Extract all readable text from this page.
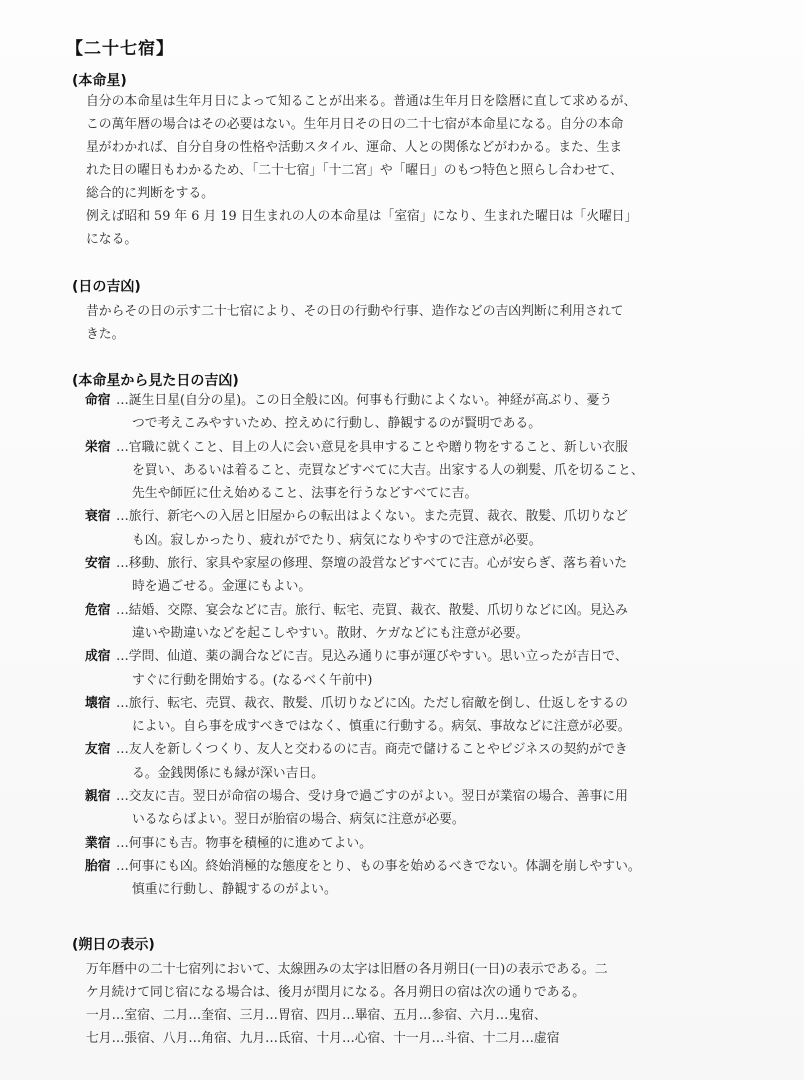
【二十七宿】
(本命星)

自分の本命星は生年月日によって知ることが出来る。普通は生年月日を陰暦に直して求めるが、

この萬年暦の場合はその必要はない。生年月日その日の二十七宿が本命星になる。自分の本命

星がわかれば、自分自身の性格や活動スタイル、運命、人との関係などがわかる。また、生ま

れた日の曜日もわかるため、「二十七宿」「十二宮」や「曜日」のもつ特色と照らし合わせて、

総合的に判断をする。

例えば昭和 59 年 6 月 19 日生まれの人の本命星は「室宿」になり、生まれた曜日は「火曜日」

になる。

(日の吉凶)

昔からその日の示す二十七宿により、その日の行動や行事、造作などの吉凶判断に利用されて

きた。

(本命星から見た日の吉凶)
命宿 …誕生日星(自分の星)。この日全般に凶。何事も行動によくない。神経が高ぶり、憂う
つで考えこみやすいため、控えめに行動し、静観するのが賢明である。
栄宿 …官職に就くこと、目上の人に会い意見を具申することや贈り物をすること、新しい衣服
を買い、あるいは着ること、売買などすべてに大吉。出家する人の剃髪、爪を切ること、
先生や師匠に仕え始めること、法事を行うなどすべてに吉。
衰宿 …旅行、新宅への入居と旧屋からの転出はよくない。また売買、裁衣、散髪、爪切りなど
も凶。寂しかったり、疲れがでたり、病気になりやすので注意が必要。
安宿 …移動、旅行、家具や家屋の修理、祭壇の設営などすべてに吉。心が安らぎ、落ち着いた
時を過ごせる。金運にもよい。
危宿 …結婚、交際、宴会などに吉。旅行、転宅、売買、裁衣、散髪、爪切りなどに凶。見込み
違いや勘違いなどを起こしやすい。散財、ケガなどにも注意が必要。
成宿 …学問、仙道、薬の調合などに吉。見込み通りに事が運びやすい。思い立ったが吉日で、
すぐに行動を開始する。(なるべく午前中)
壊宿 …旅行、転宅、売買、裁衣、散髪、爪切りなどに凶。ただし宿敵を倒し、仕返しをするの
によい。自ら事を成すべきではなく、慎重に行動する。病気、事故などに注意が必要。
友宿 …友人を新しくつくり、友人と交わるのに吉。商売で儲けることやビジネスの契約ができ
る。金銭関係にも縁が深い吉日。
親宿 …交友に吉。翌日が命宿の場合、受け身で過ごすのがよい。翌日が業宿の場合、善事に用
いるならばよい。翌日が胎宿の場合、病気に注意が必要。
業宿 …何事にも吉。物事を積極的に進めてよい。
胎宿 …何事にも凶。終始消極的な態度をとり、もの事を始めるべきでない。体調を崩しやすい。
慎重に行動し、静観するのがよい。
(朔日の表示)

万年暦中の二十七宿列において、太線囲みの太字は旧暦の各月朔日(一日)の表示である。二

ケ月続けて同じ宿になる場合は、後月が閏月になる。各月朔日の宿は次の通りである。

一月…室宿、二月…奎宿、三月…胃宿、四月…畢宿、五月…参宿、六月…鬼宿、

七月…張宿、八月…角宿、九月…氐宿、十月…心宿、十一月…斗宿、十二月…虚宿
